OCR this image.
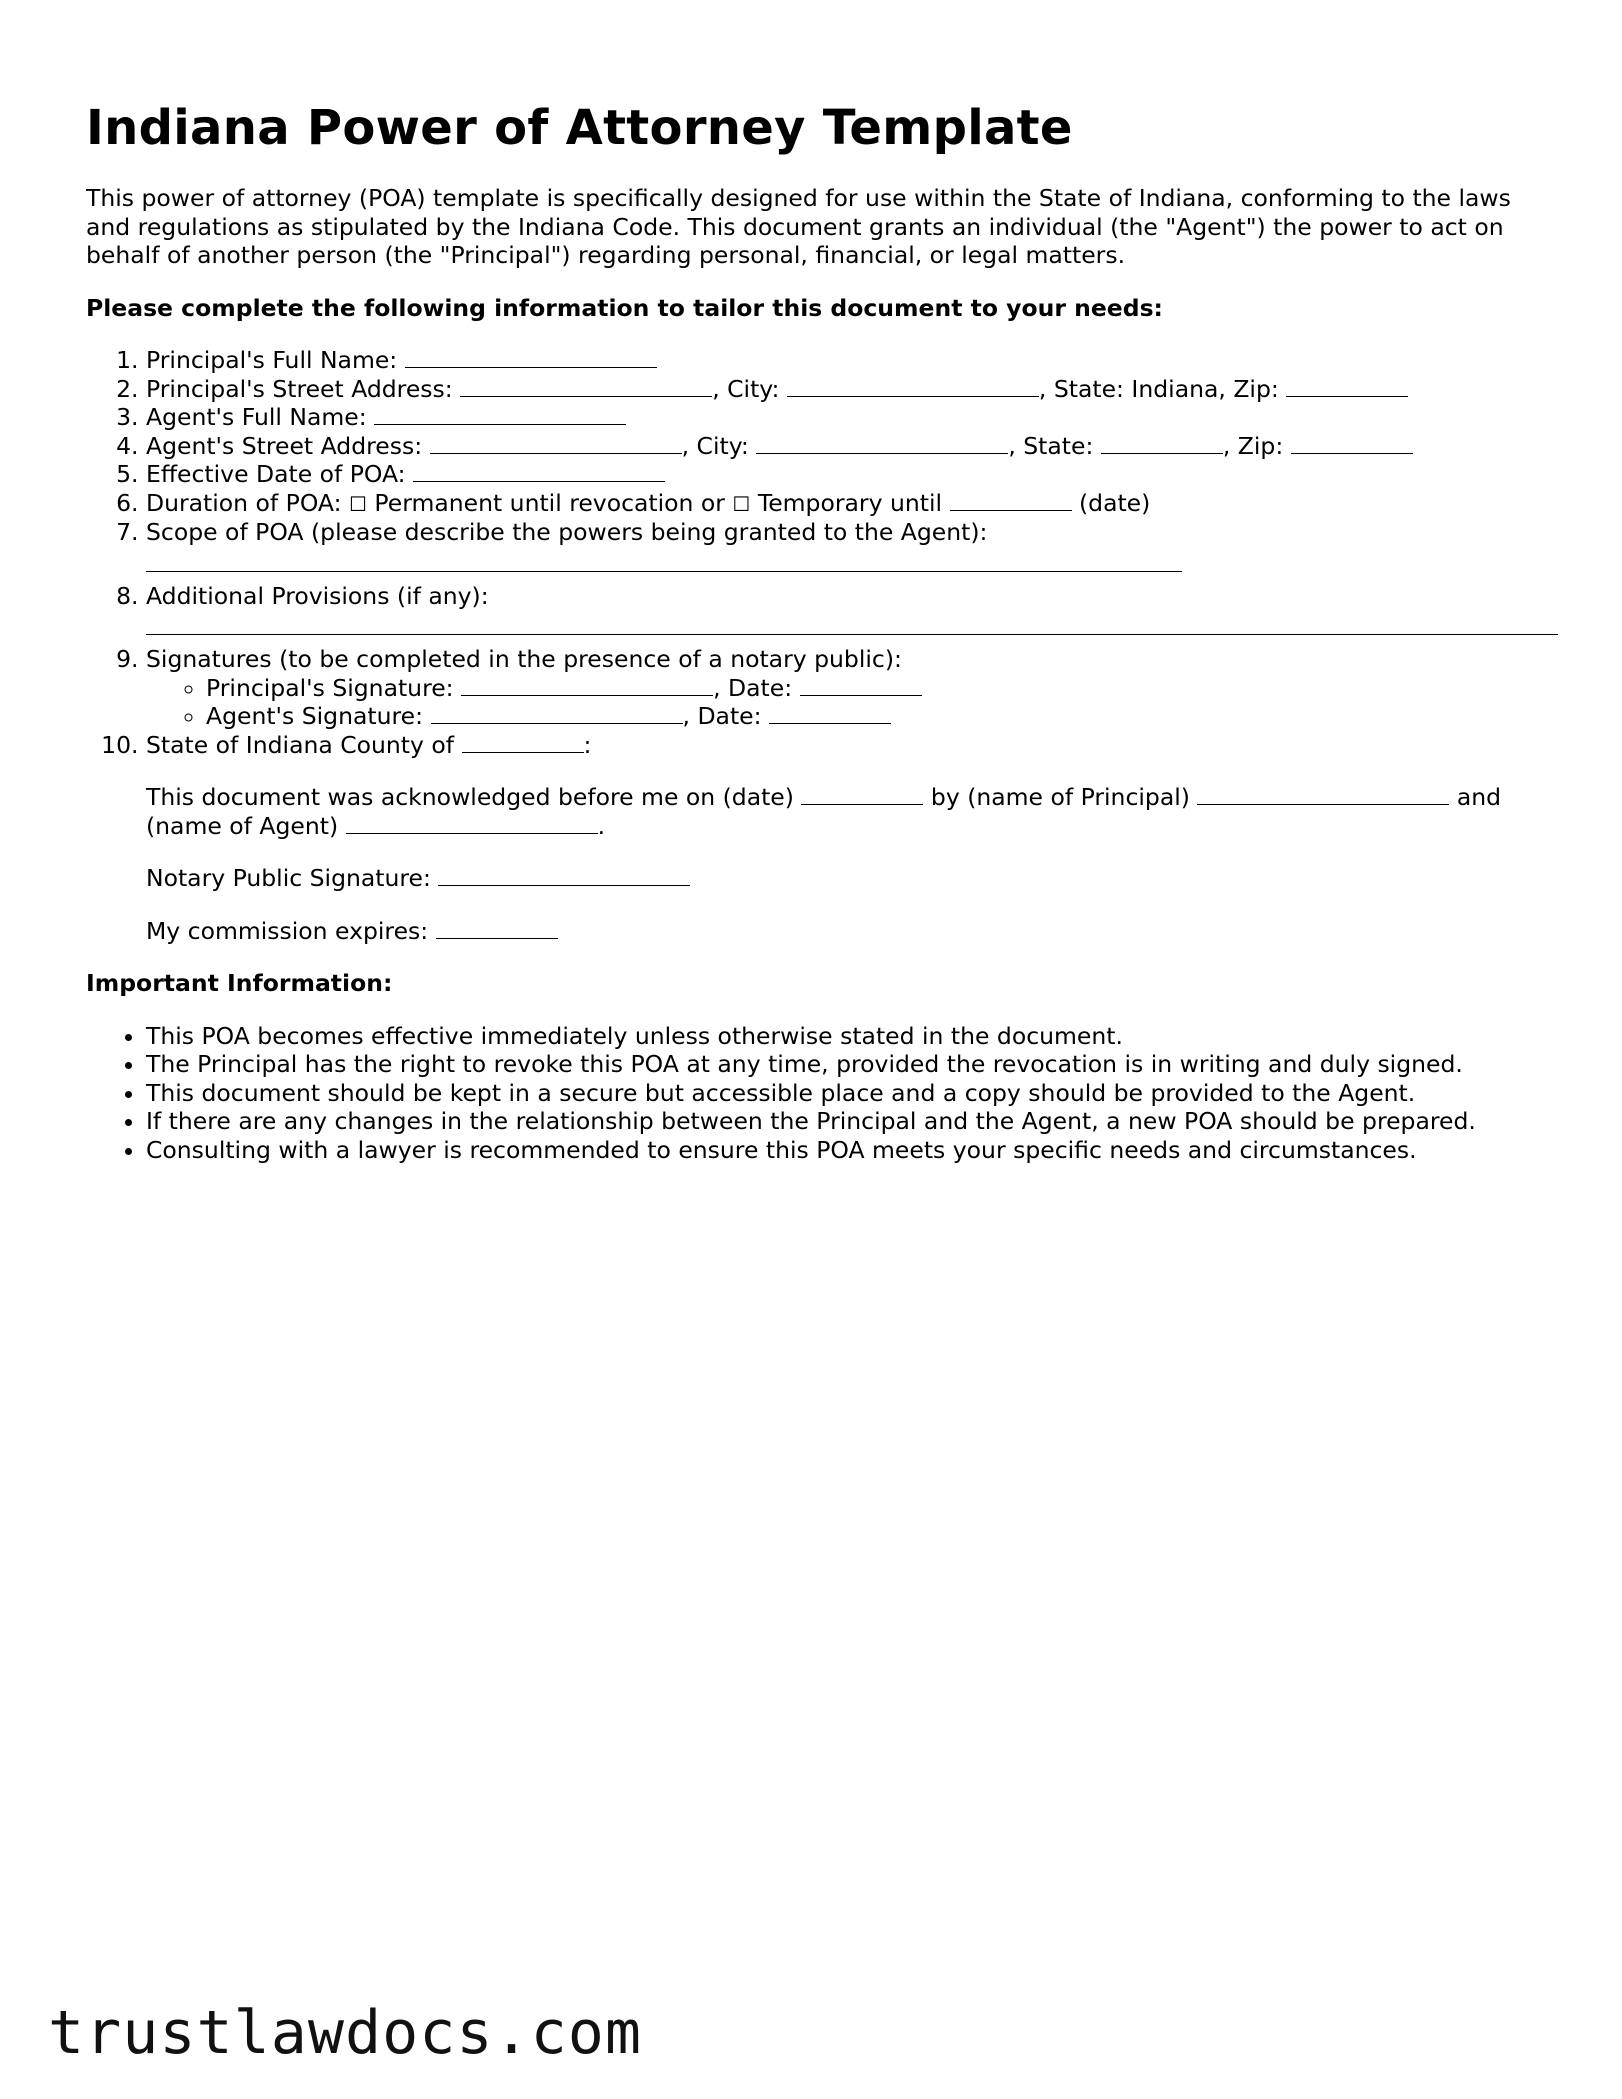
Indiana Power of Attorney Template

This power of attorney (POA) template is specifically designed for use within the State of Indiana, conforming to the laws and regulations as stipulated by the Indiana Code. This document grants an individual (the "Agent") the power to act on behalf of another person (the "Principal") regarding personal, financial, or legal matters.

Please complete the following information to tailor this document to your needs:

1. Principal's Full Name:
2. Principal's Street Address:	, City:	, State: Indiana, Zip:
3. Agent's Full Name:
4. Agent's Street Address:	, City:	, State:	, Zip:
5. Effective Date of POA:
6. Duration of POA: ☐ Permanent until revocation or ☐ Temporary until	(date)
7. Scope of POA (please describe the powers being granted to the Agent):
8. Additional Provisions (if any):
9. Signatures (to be completed in the presence of a notary public):
◦ Principal's Signature:	, Date:
◦ Agent's Signature:	, Date:
10. State of Indiana County of	:

This document was acknowledged before me on (date)	by (name of Principal)	and (name of Agent)	.

Notary Public Signature:

My commission expires:

Important Information:
• This POA becomes effective immediately unless otherwise stated in the document.
• The Principal has the right to revoke this POA at any time, provided the revocation is in writing and duly signed.
• This document should be kept in a secure but accessible place and a copy should be provided to the Agent.
• If there are any changes in the relationship between the Principal and the Agent, a new POA should be prepared.
• Consulting with a lawyer is recommended to ensure this POA meets your specific needs and circumstances.
trustlawdocs.com
